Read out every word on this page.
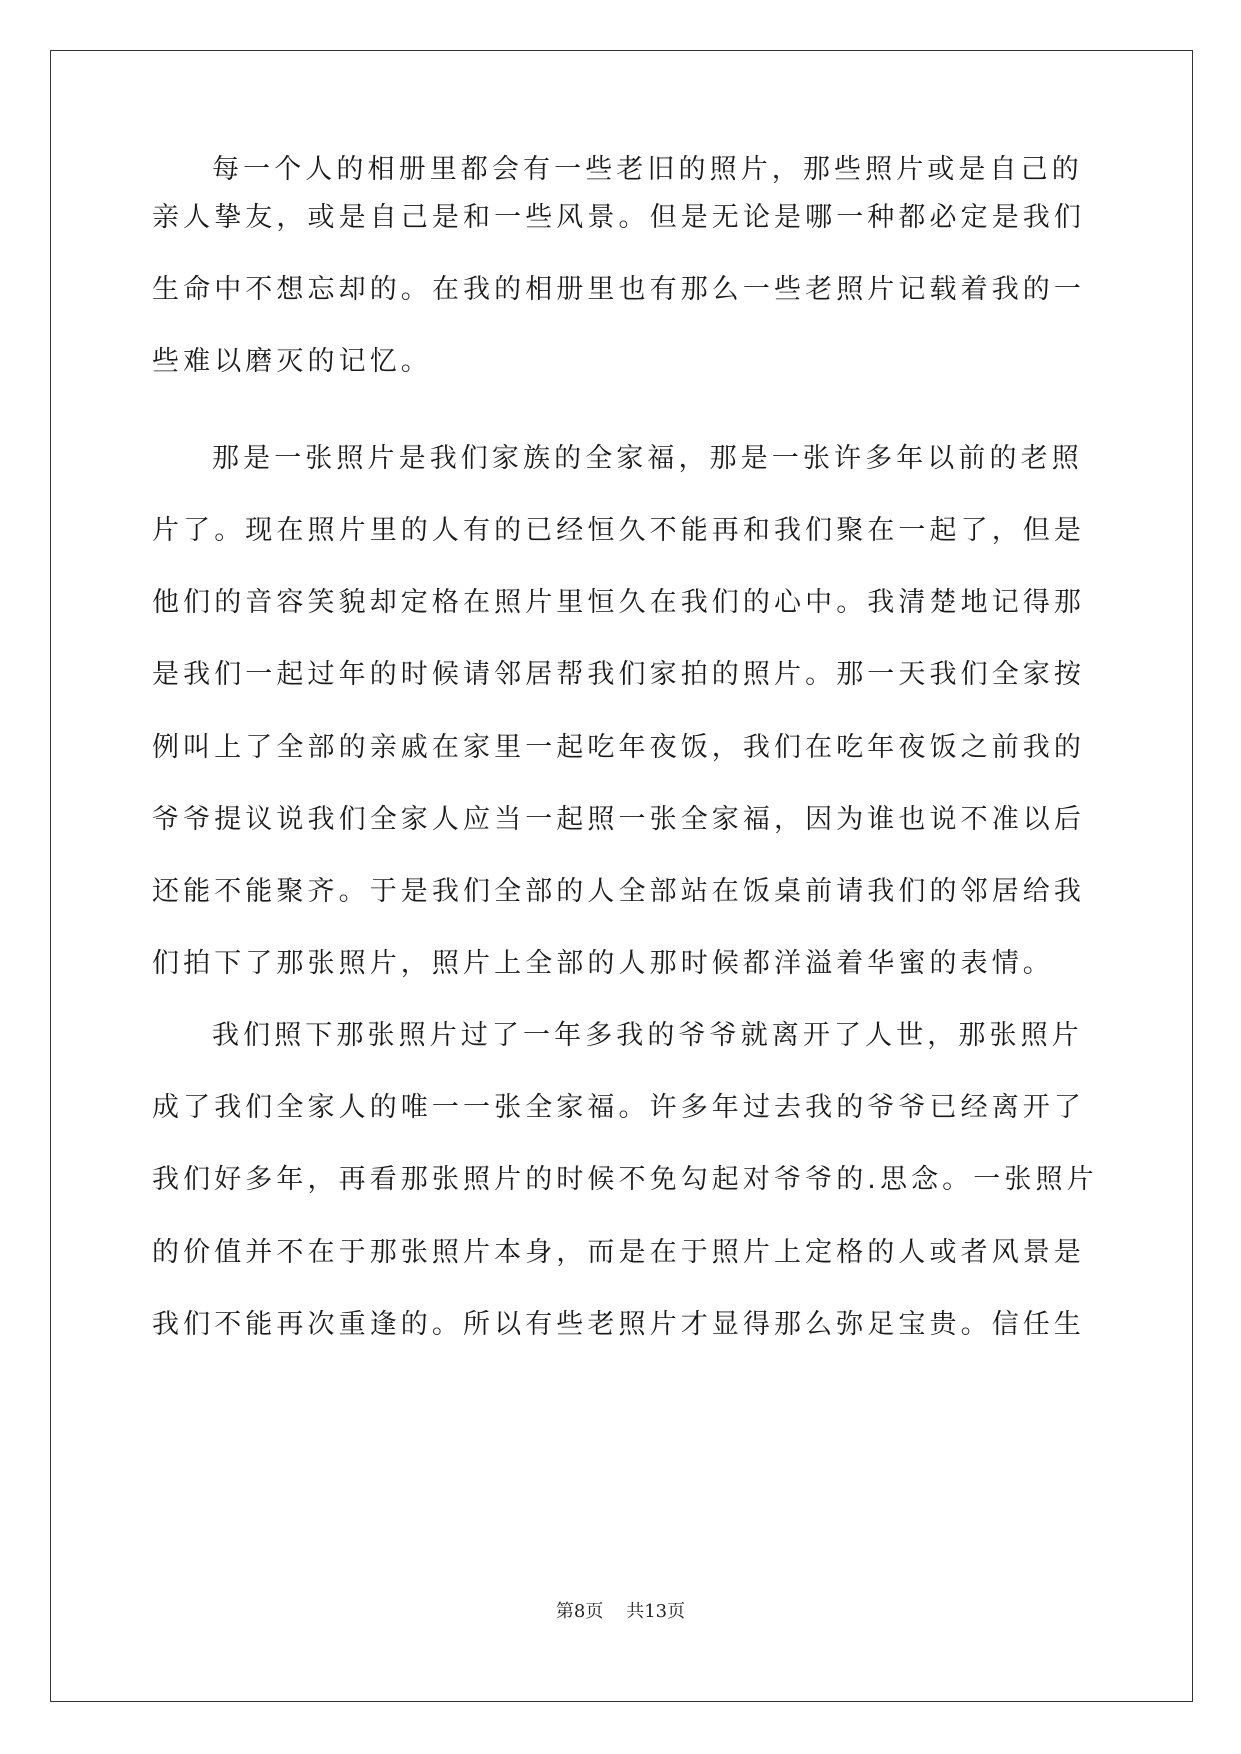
每一个人的相册里都会有一些老旧的照片，那些照片或是自己的
亲人挚友，或是自己是和一些风景。但是无论是哪一种都必定是我们
生命中不想忘却的。在我的相册里也有那么一些老照片记载着我的一
些难以磨灭的记忆。
那是一张照片是我们家族的全家福，那是一张许多年以前的老照
片了。现在照片里的人有的已经恒久不能再和我们聚在一起了，但是
他们的音容笑貌却定格在照片里恒久在我们的心中。我清楚地记得那
是我们一起过年的时候请邻居帮我们家拍的照片。那一天我们全家按
例叫上了全部的亲戚在家里一起吃年夜饭，我们在吃年夜饭之前我的
爷爷提议说我们全家人应当一起照一张全家福，因为谁也说不准以后
还能不能聚齐。于是我们全部的人全部站在饭桌前请我们的邻居给我
们拍下了那张照片，照片上全部的人那时候都洋溢着华蜜的表情。
我们照下那张照片过了一年多我的爷爷就离开了人世，那张照片
成了我们全家人的唯一一张全家福。许多年过去我的爷爷已经离开了
我们好多年，再看那张照片的时候不免勾起对爷爷的.思念。一张照片
的价值并不在于那张照片本身，而是在于照片上定格的人或者风景是
我们不能再次重逢的。所以有些老照片才显得那么弥足宝贵。信任生
第8页 共13页
